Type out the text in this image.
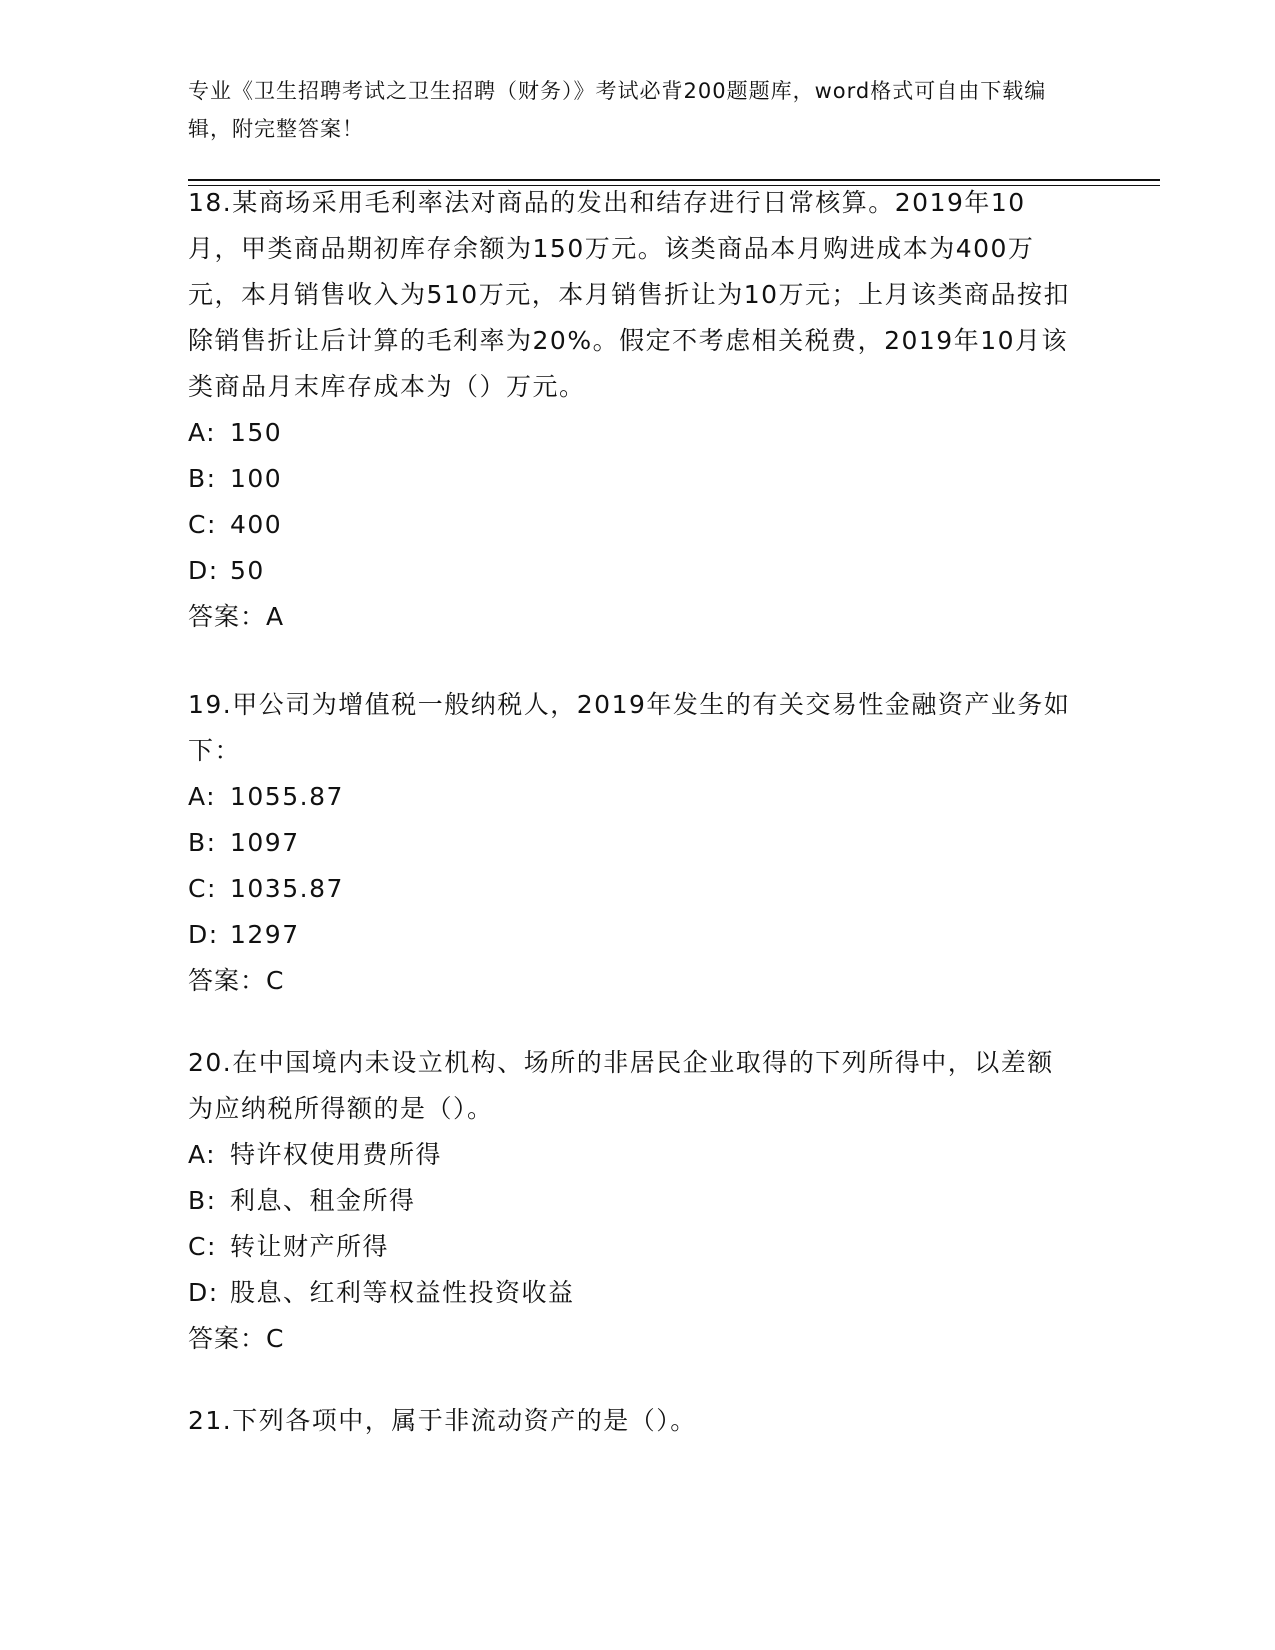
专业《卫生招聘考试之卫生招聘（财务）》考试必背200题题库，word格式可自由下载编辑，附完整答案！

18.某商场采用毛利率法对商品的发出和结存进行日常核算。2019年10月，甲类商品期初库存余额为150万元。该类商品本月购进成本为400万元，本月销售收入为510万元，本月销售折让为10万元；上月该类商品按扣除销售折让后计算的毛利率为20%。假定不考虑相关税费，2019年10月该类商品月末库存成本为（）万元。

A: 150

B: 100

C: 400

D: 50

答案：A

19.甲公司为增值税一般纳税人，2019年发生的有关交易性金融资产业务如下：

A: 1055.87

B: 1097

C: 1035.87

D: 1297

答案：C

20.在中国境内未设立机构、场所的非居民企业取得的下列所得中，以差额为应纳税所得额的是（）。

A: 特许权使用费所得

B: 利息、租金所得

C: 转让财产所得

D: 股息、红利等权益性投资收益

答案：C

21.下列各项中，属于非流动资产的是（）。
